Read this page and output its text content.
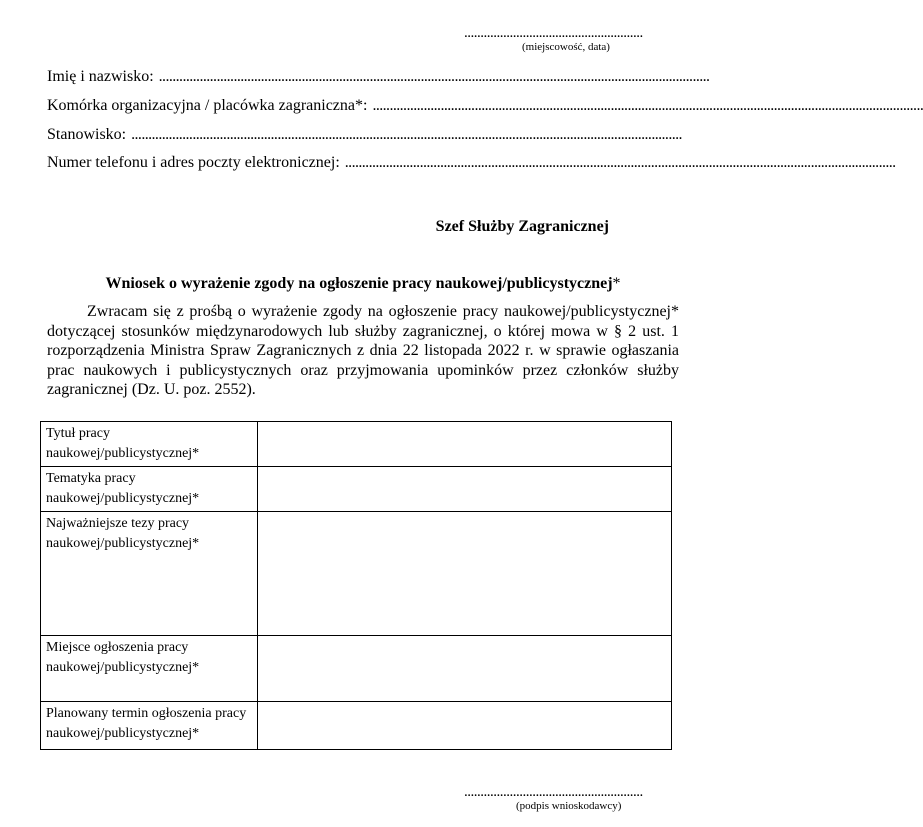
.......................................................
(miejscowość, data)
Imię i nazwisko: ..................................................................................................................................................................
Komórka organizacyjna / placówka zagraniczna*: ..................................................................................................................................................................
Stanowisko: ..................................................................................................................................................................
Numer telefonu i adres poczty elektronicznej: ..................................................................................................................................................................
Szef Służby Zagranicznej
Wniosek o wyrażenie zgody na ogłoszenie pracy naukowej/publicystycznej*

Zwracam się z prośbą o wyrażenie zgody na ogłoszenie pracy naukowej/publicystycznej* dotyczącej stosunków międzynarodowych lub służby zagranicznej, o której mowa w § 2 ust. 1 rozporządzenia Ministra Spraw Zagranicznych z dnia 22 listopada 2022 r. w sprawie ogłaszania prac naukowych i publicystycznych oraz przyjmowania upominków przez członków służby zagranicznej (Dz. U. poz. 2552).

Tytuł pracy
naukowej/publicystycznej*	

Tematyka pracy
naukowej/publicystycznej*	

Najważniejsze tezy pracy
naukowej/publicystycznej*	

Miejsce ogłoszenia pracy
naukowej/publicystycznej*	

Planowany termin ogłoszenia pracy
naukowej/publicystycznej*	

.......................................................
(podpis wnioskodawcy)
